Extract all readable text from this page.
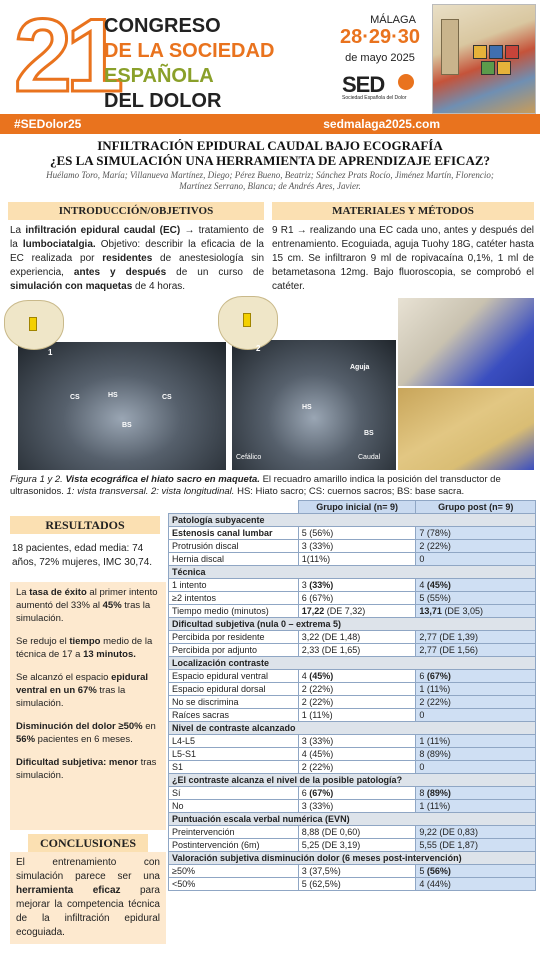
21
CONGRESO
DE LA SOCIEDAD
ESPAÑOLA
DEL DOLOR
MÁLAGA
28·29·30
de mayo 2025
SED
Sociedad Española del Dolor
#SEDolor25	sedmalaga2025.com
INFILTRACIÓN EPIDURAL CAUDAL BAJO ECOGRAFÍA
¿ES LA SIMULACIÓN UNA HERRAMIENTA DE APRENDIZAJE EFICAZ?
Huélamo Toro, María; Villanueva Martínez, Diego; Pérez Bueno, Beatriz; Sánchez Prats Rocío, Jiménez Martín, Florencio; Martínez Serrano, Blanca; de Andrés Ares, Javier.
INTRODUCCIÓN/OBJETIVOS
La infiltración epidural caudal (EC) → tratamiento de la lumbociatalgia. Objetivo: describir la eficacia de la EC realizada por residentes de anestesiología sin experiencia, antes y después de un curso de simulación con maquetas de 4 horas.
MATERIALES Y MÉTODOS
9 R1 → realizando una EC cada uno, antes y después del entrenamiento. Ecoguiada, aguja Tuohy 18G, catéter hasta 15 cm. Se infiltraron 9 ml de ropivacaína 0,1%, 1 ml de betametasona 12mg. Bajo fluoroscopia, se comprobó el catéter.
HS
CS	CS
BS
1
Aguja
HS
BS
Cefálico	Caudal
2
Figura 1 y 2. Vista ecográfica el hiato sacro en maqueta. El recuadro amarillo indica la posición del transductor de ultrasonidos. 1: vista transversal. 2: vista longitudinal. HS: Hiato sacro; CS: cuernos sacros; BS: base sacra.
RESULTADOS
18 pacientes, edad media: 74 años, 72% mujeres, IMC 30,74.

La tasa de éxito al primer intento aumentó del 33% al 45% tras la simulación.

Se redujo el tiempo medio de la técnica de 17 a 13 minutos.

Se alcanzó el espacio epidural ventral en un 67% tras la simulación.

Disminución del dolor ≥50% en 56% pacientes en 6 meses.

Dificultad subjetiva: menor tras simulación.

CONCLUSIONES
El entrenamiento con simulación parece ser una herramienta eficaz para mejorar la competencia técnica de la infiltración epidural ecoguiada.
	Grupo inicial (n= 9)	Grupo post (n= 9)
Patología subyacente		
Estenosis canal lumbar	5 (56%)	7 (78%)
Protrusión discal	3 (33%)	2 (22%)
Hernia discal	1(11%)	0
Técnica		
1 intento	3 (33%)	4 (45%)
≥2 intentos	6 (67%)	5 (55%)
Tiempo medio (minutos)	17,22 (DE 7,32)	13,71 (DE 3,05)
Dificultad subjetiva (nula 0 – extrema 5)		
Percibida por residente	3,22 (DE 1,48)	2,77 (DE 1,39)
Percibida por adjunto	2,33 (DE 1,65)	2,77 (DE 1,56)
Localización contraste		
Espacio epidural ventral	4 (45%)	6 (67%)
Espacio epidural dorsal	2 (22%)	1 (11%)
No se discrimina	2 (22%)	2 (22%)
Raíces sacras	1 (11%)	0
Nivel de contraste alcanzado		
L4-L5	3 (33%)	1 (11%)
L5-S1	4 (45%)	8 (89%)
S1	2 (22%)	0
¿El contraste alcanza el nivel de la posible patología?		
Sí	6 (67%)	8 (89%)
No	3 (33%)	1 (11%)
Puntuación escala verbal numérica (EVN)		
Preintervención	8,88 (DE 0,60)	9,22 (DE 0,83)
Postintervención (6m)	5,25 (DE 3,19)	5,55 (DE 1,87)
Valoración subjetiva disminución dolor (6 meses post-intervención)		
≥50%	3 (37,5%)	5 (56%)
<50%	5 (62,5%)	4 (44%)
